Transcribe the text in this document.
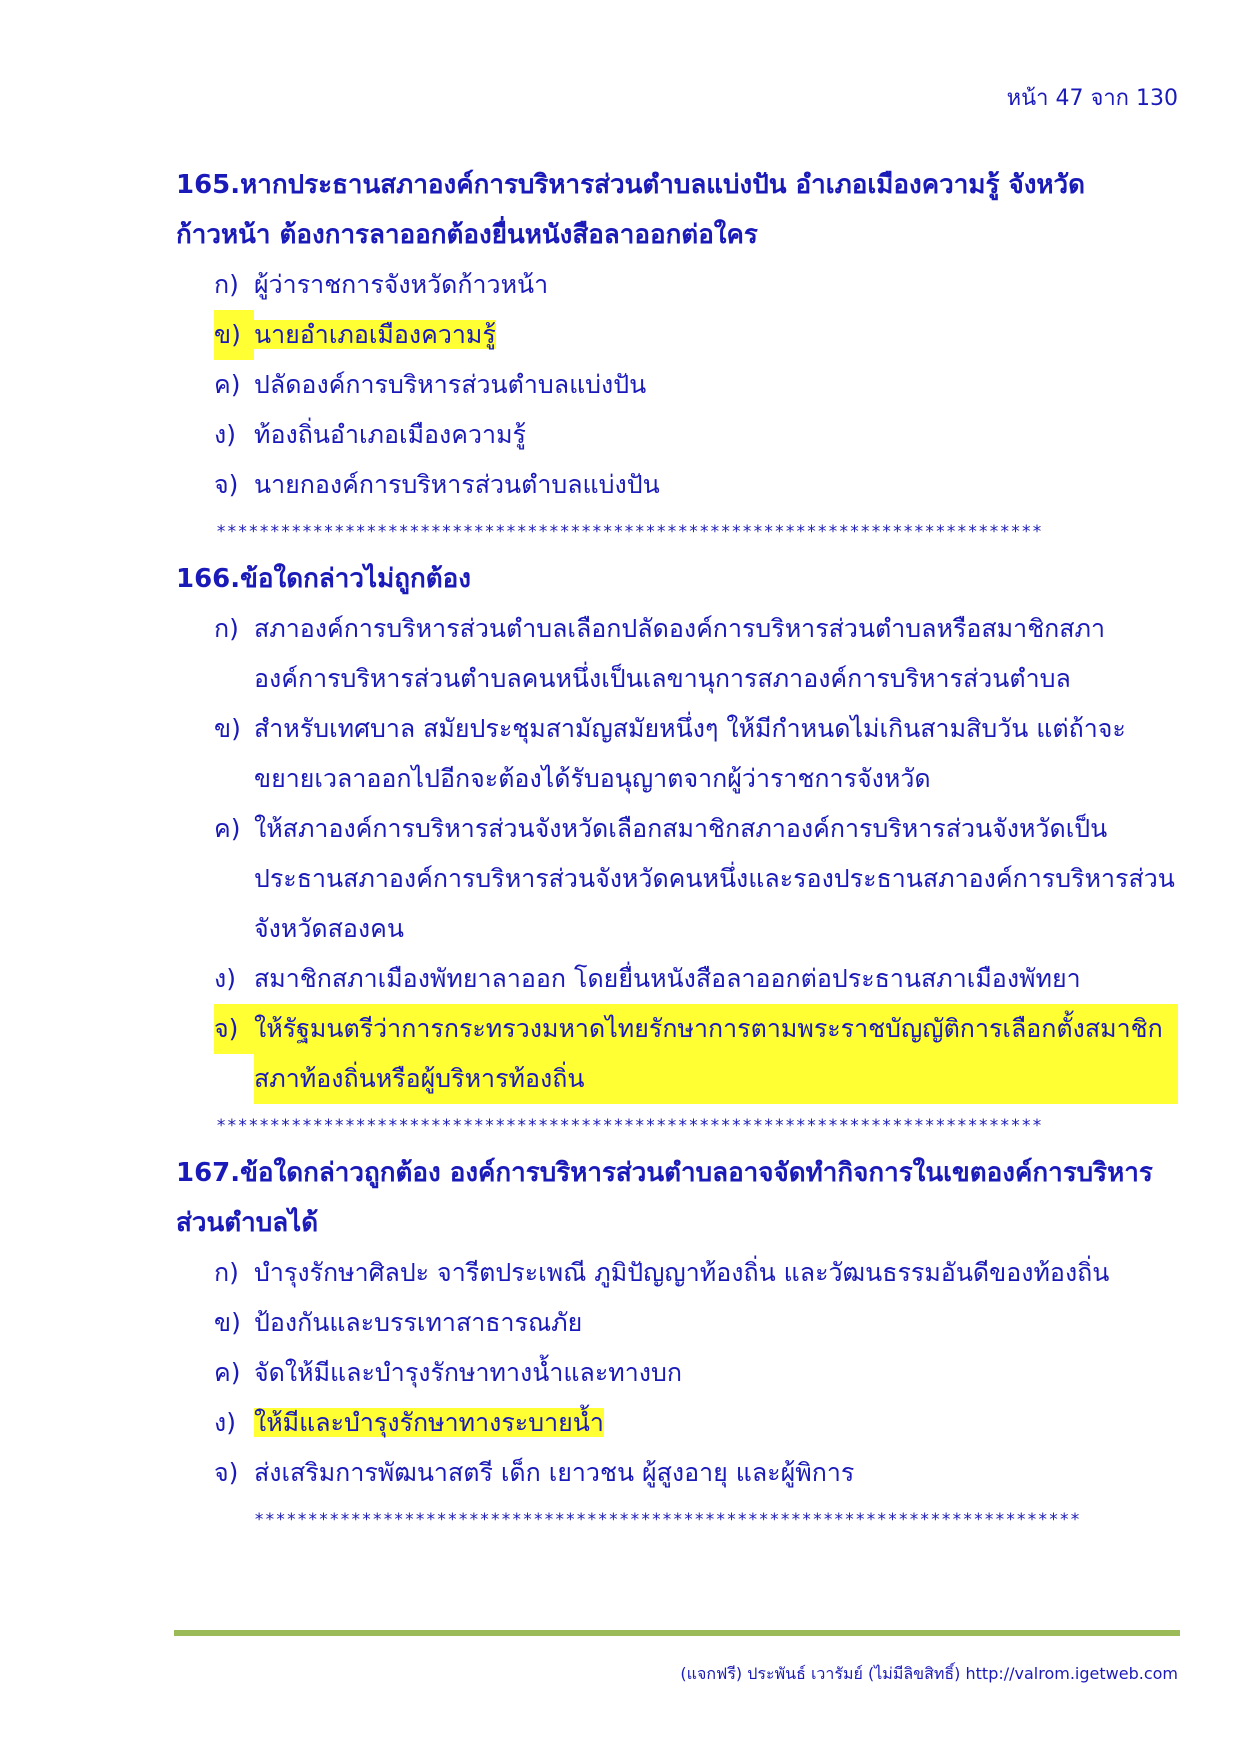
หน้า 47 จาก 130

165.หากประธานสภาองค์การบริหารส่วนตำบลแบ่งปัน อำเภอเมืองความรู้ จังหวัดก้าวหน้า ต้องการลาออกต้องยื่นหนังสือลาออกต่อใคร

ก) ผู้ว่าราชการจังหวัดก้าวหน้า
ข) นายอำเภอเมืองความรู้
ค) ปลัดองค์การบริหารส่วนตำบลแบ่งปัน
ง) ท้องถิ่นอำเภอเมืองความรู้
จ) นายกองค์การบริหารส่วนตำบลแบ่งปัน
*****************************************************************************

166.ข้อใดกล่าวไม่ถูกต้อง

ก) สภาองค์การบริหารส่วนตำบลเลือกปลัดองค์การบริหารส่วนตำบลหรือสมาชิกสภาองค์การบริหารส่วนตำบลคนหนึ่งเป็นเลขานุการสภาองค์การบริหารส่วนตำบล
ข) สำหรับเทศบาล สมัยประชุมสามัญสมัยหนึ่งๆ ให้มีกำหนดไม่เกินสามสิบวัน แต่ถ้าจะขยายเวลาออกไปอีกจะต้องได้รับอนุญาตจากผู้ว่าราชการจังหวัด
ค) ให้สภาองค์การบริหารส่วนจังหวัดเลือกสมาชิกสภาองค์การบริหารส่วนจังหวัดเป็นประธานสภาองค์การบริหารส่วนจังหวัดคนหนึ่งและรองประธานสภาองค์การบริหารส่วนจังหวัดสองคน
ง) สมาชิกสภาเมืองพัทยาลาออก โดยยื่นหนังสือลาออกต่อประธานสภาเมืองพัทยา
จ) ให้รัฐมนตรีว่าการกระทรวงมหาดไทยรักษาการตามพระราชบัญญัติการเลือกตั้งสมาชิกสภาท้องถิ่นหรือผู้บริหารท้องถิ่น
*****************************************************************************

167.ข้อใดกล่าวถูกต้อง องค์การบริหารส่วนตำบลอาจจัดทำกิจการในเขตองค์การบริหารส่วนตำบลได้

ก) บำรุงรักษาศิลปะ จารีตประเพณี ภูมิปัญญาท้องถิ่น และวัฒนธรรมอันดีของท้องถิ่น
ข) ป้องกันและบรรเทาสาธารณภัย
ค) จัดให้มีและบำรุงรักษาทางน้ำและทางบก
ง) ให้มีและบำรุงรักษาทางระบายน้ำ
จ) ส่งเสริมการพัฒนาสตรี เด็ก เยาวชน ผู้สูงอายุ และผู้พิการ
*****************************************************************************
(แจกฟรี) ประพันธ์ เวารัมย์ (ไม่มีลิขสิทธิ์) http://valrom.igetweb.com
